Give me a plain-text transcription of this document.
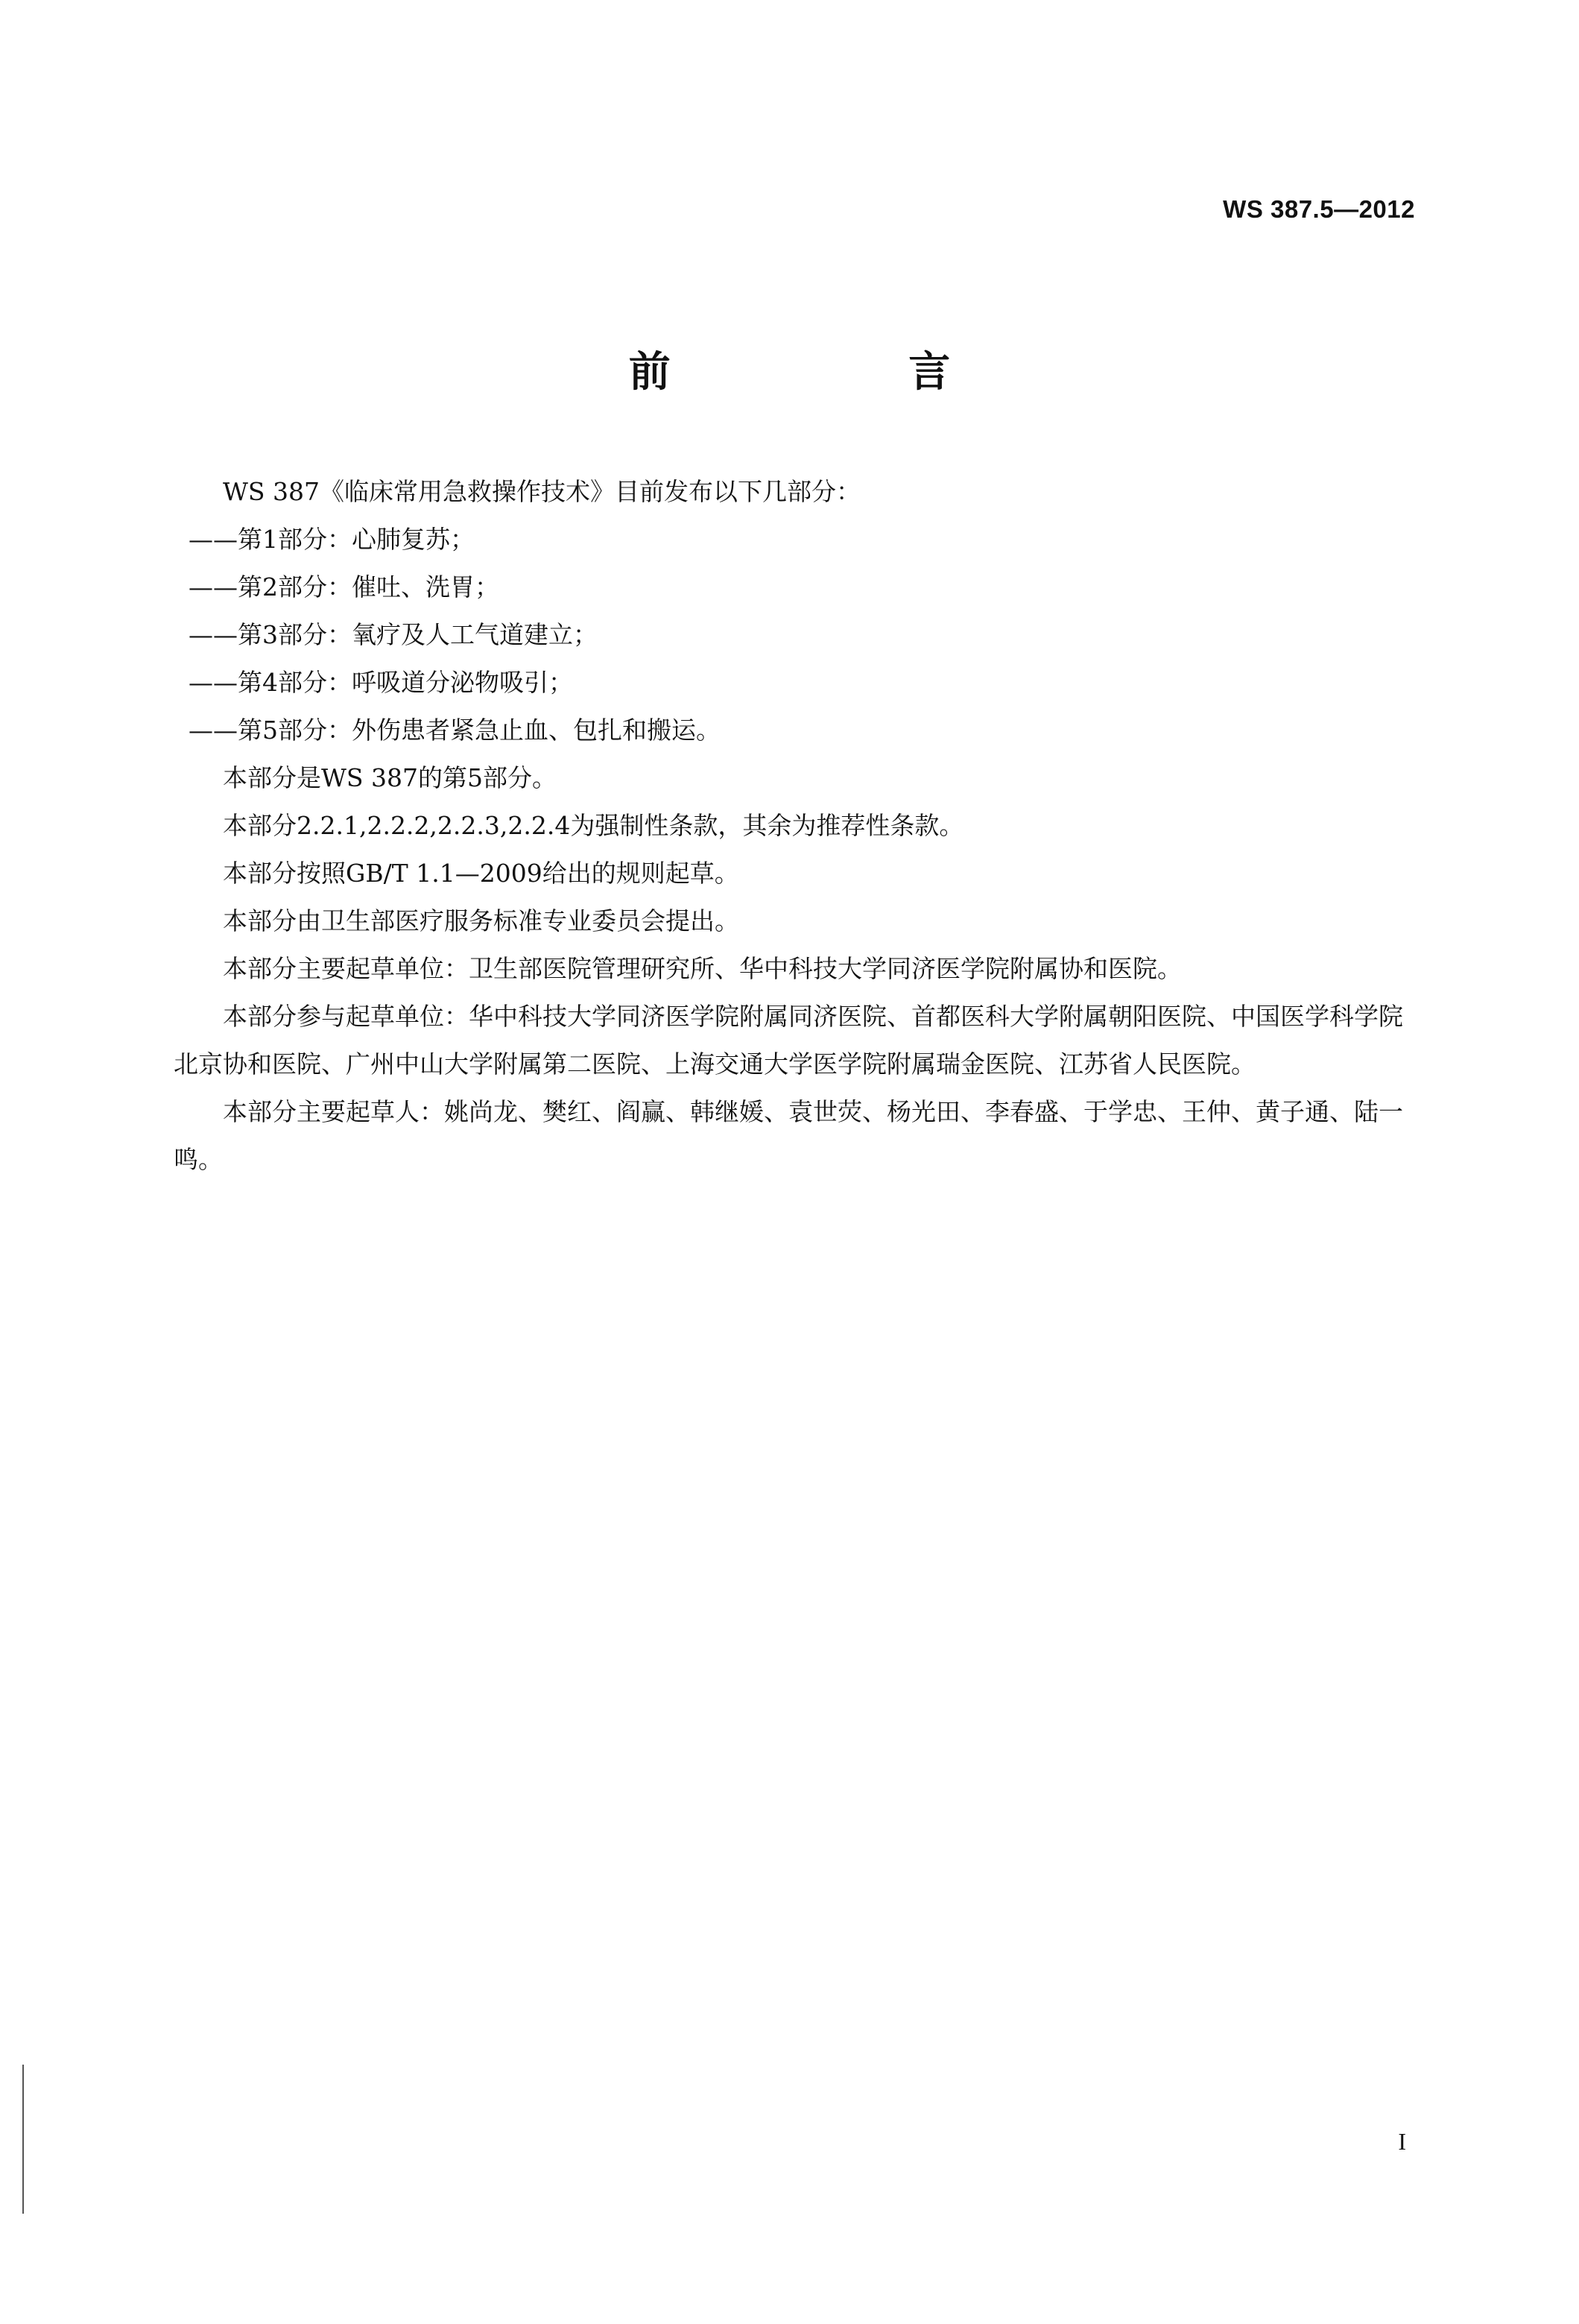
WS 387.5—2012
前 言

WS 387《临床常用急救操作技术》目前发布以下几部分：

——第1部分：心肺复苏；

——第2部分：催吐、洗胃；

——第3部分：氧疗及人工气道建立；

——第4部分：呼吸道分泌物吸引；

——第5部分：外伤患者紧急止血、包扎和搬运。

本部分是WS 387的第5部分。

本部分2.2.1,2.2.2,2.2.3,2.2.4为强制性条款，其余为推荐性条款。

本部分按照GB/T 1.1—2009给出的规则起草。

本部分由卫生部医疗服务标准专业委员会提出。

本部分主要起草单位：卫生部医院管理研究所、华中科技大学同济医学院附属协和医院。

本部分参与起草单位：华中科技大学同济医学院附属同济医院、首都医科大学附属朝阳医院、中国医学科学院北京协和医院、广州中山大学附属第二医院、上海交通大学医学院附属瑞金医院、江苏省人民医院。

本部分主要起草人：姚尚龙、樊红、阎赢、韩继媛、袁世荧、杨光田、李春盛、于学忠、王仲、黄子通、陆一鸣。

I
